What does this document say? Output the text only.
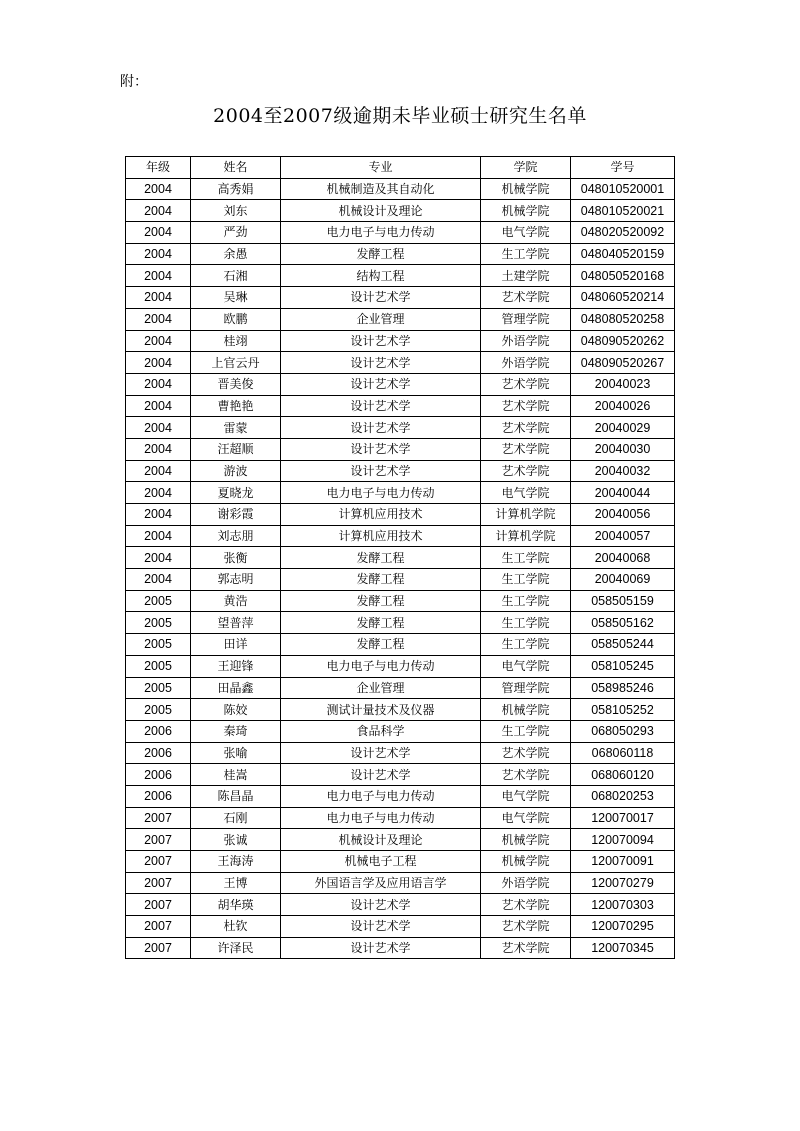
附：
2004至2007级逾期未毕业硕士研究生名单
年级	姓名	专业	学院	学号
2004	高秀娟	机械制造及其自动化	机械学院	048010520001
2004	刘东	机械设计及理论	机械学院	048010520021
2004	严劲	电力电子与电力传动	电气学院	048020520092
2004	余愚	发酵工程	生工学院	048040520159
2004	石湘	结构工程	土建学院	048050520168
2004	吴琳	设计艺术学	艺术学院	048060520214
2004	欧鹏	企业管理	管理学院	048080520258
2004	桂翊	设计艺术学	外语学院	048090520262
2004	上官云丹	设计艺术学	外语学院	048090520267
2004	晋美俊	设计艺术学	艺术学院	20040023
2004	曹艳艳	设计艺术学	艺术学院	20040026
2004	雷蒙	设计艺术学	艺术学院	20040029
2004	汪超顺	设计艺术学	艺术学院	20040030
2004	游波	设计艺术学	艺术学院	20040032
2004	夏晓龙	电力电子与电力传动	电气学院	20040044
2004	谢彩霞	计算机应用技术	计算机学院	20040056
2004	刘志朋	计算机应用技术	计算机学院	20040057
2004	张衡	发酵工程	生工学院	20040068
2004	郭志明	发酵工程	生工学院	20040069
2005	黄浩	发酵工程	生工学院	058505159
2005	望普萍	发酵工程	生工学院	058505162
2005	田详	发酵工程	生工学院	058505244
2005	王迎锋	电力电子与电力传动	电气学院	058105245
2005	田晶鑫	企业管理	管理学院	058985246
2005	陈姣	测试计量技术及仪器	机械学院	058105252
2006	秦琦	食品科学	生工学院	068050293
2006	张喻	设计艺术学	艺术学院	068060118
2006	桂嵩	设计艺术学	艺术学院	068060120
2006	陈昌晶	电力电子与电力传动	电气学院	068020253
2007	石刚	电力电子与电力传动	电气学院	120070017
2007	张诚	机械设计及理论	机械学院	120070094
2007	王海涛	机械电子工程	机械学院	120070091
2007	王博	外国语言学及应用语言学	外语学院	120070279
2007	胡华瑛	设计艺术学	艺术学院	120070303
2007	杜钦	设计艺术学	艺术学院	120070295
2007	许泽民	设计艺术学	艺术学院	120070345
